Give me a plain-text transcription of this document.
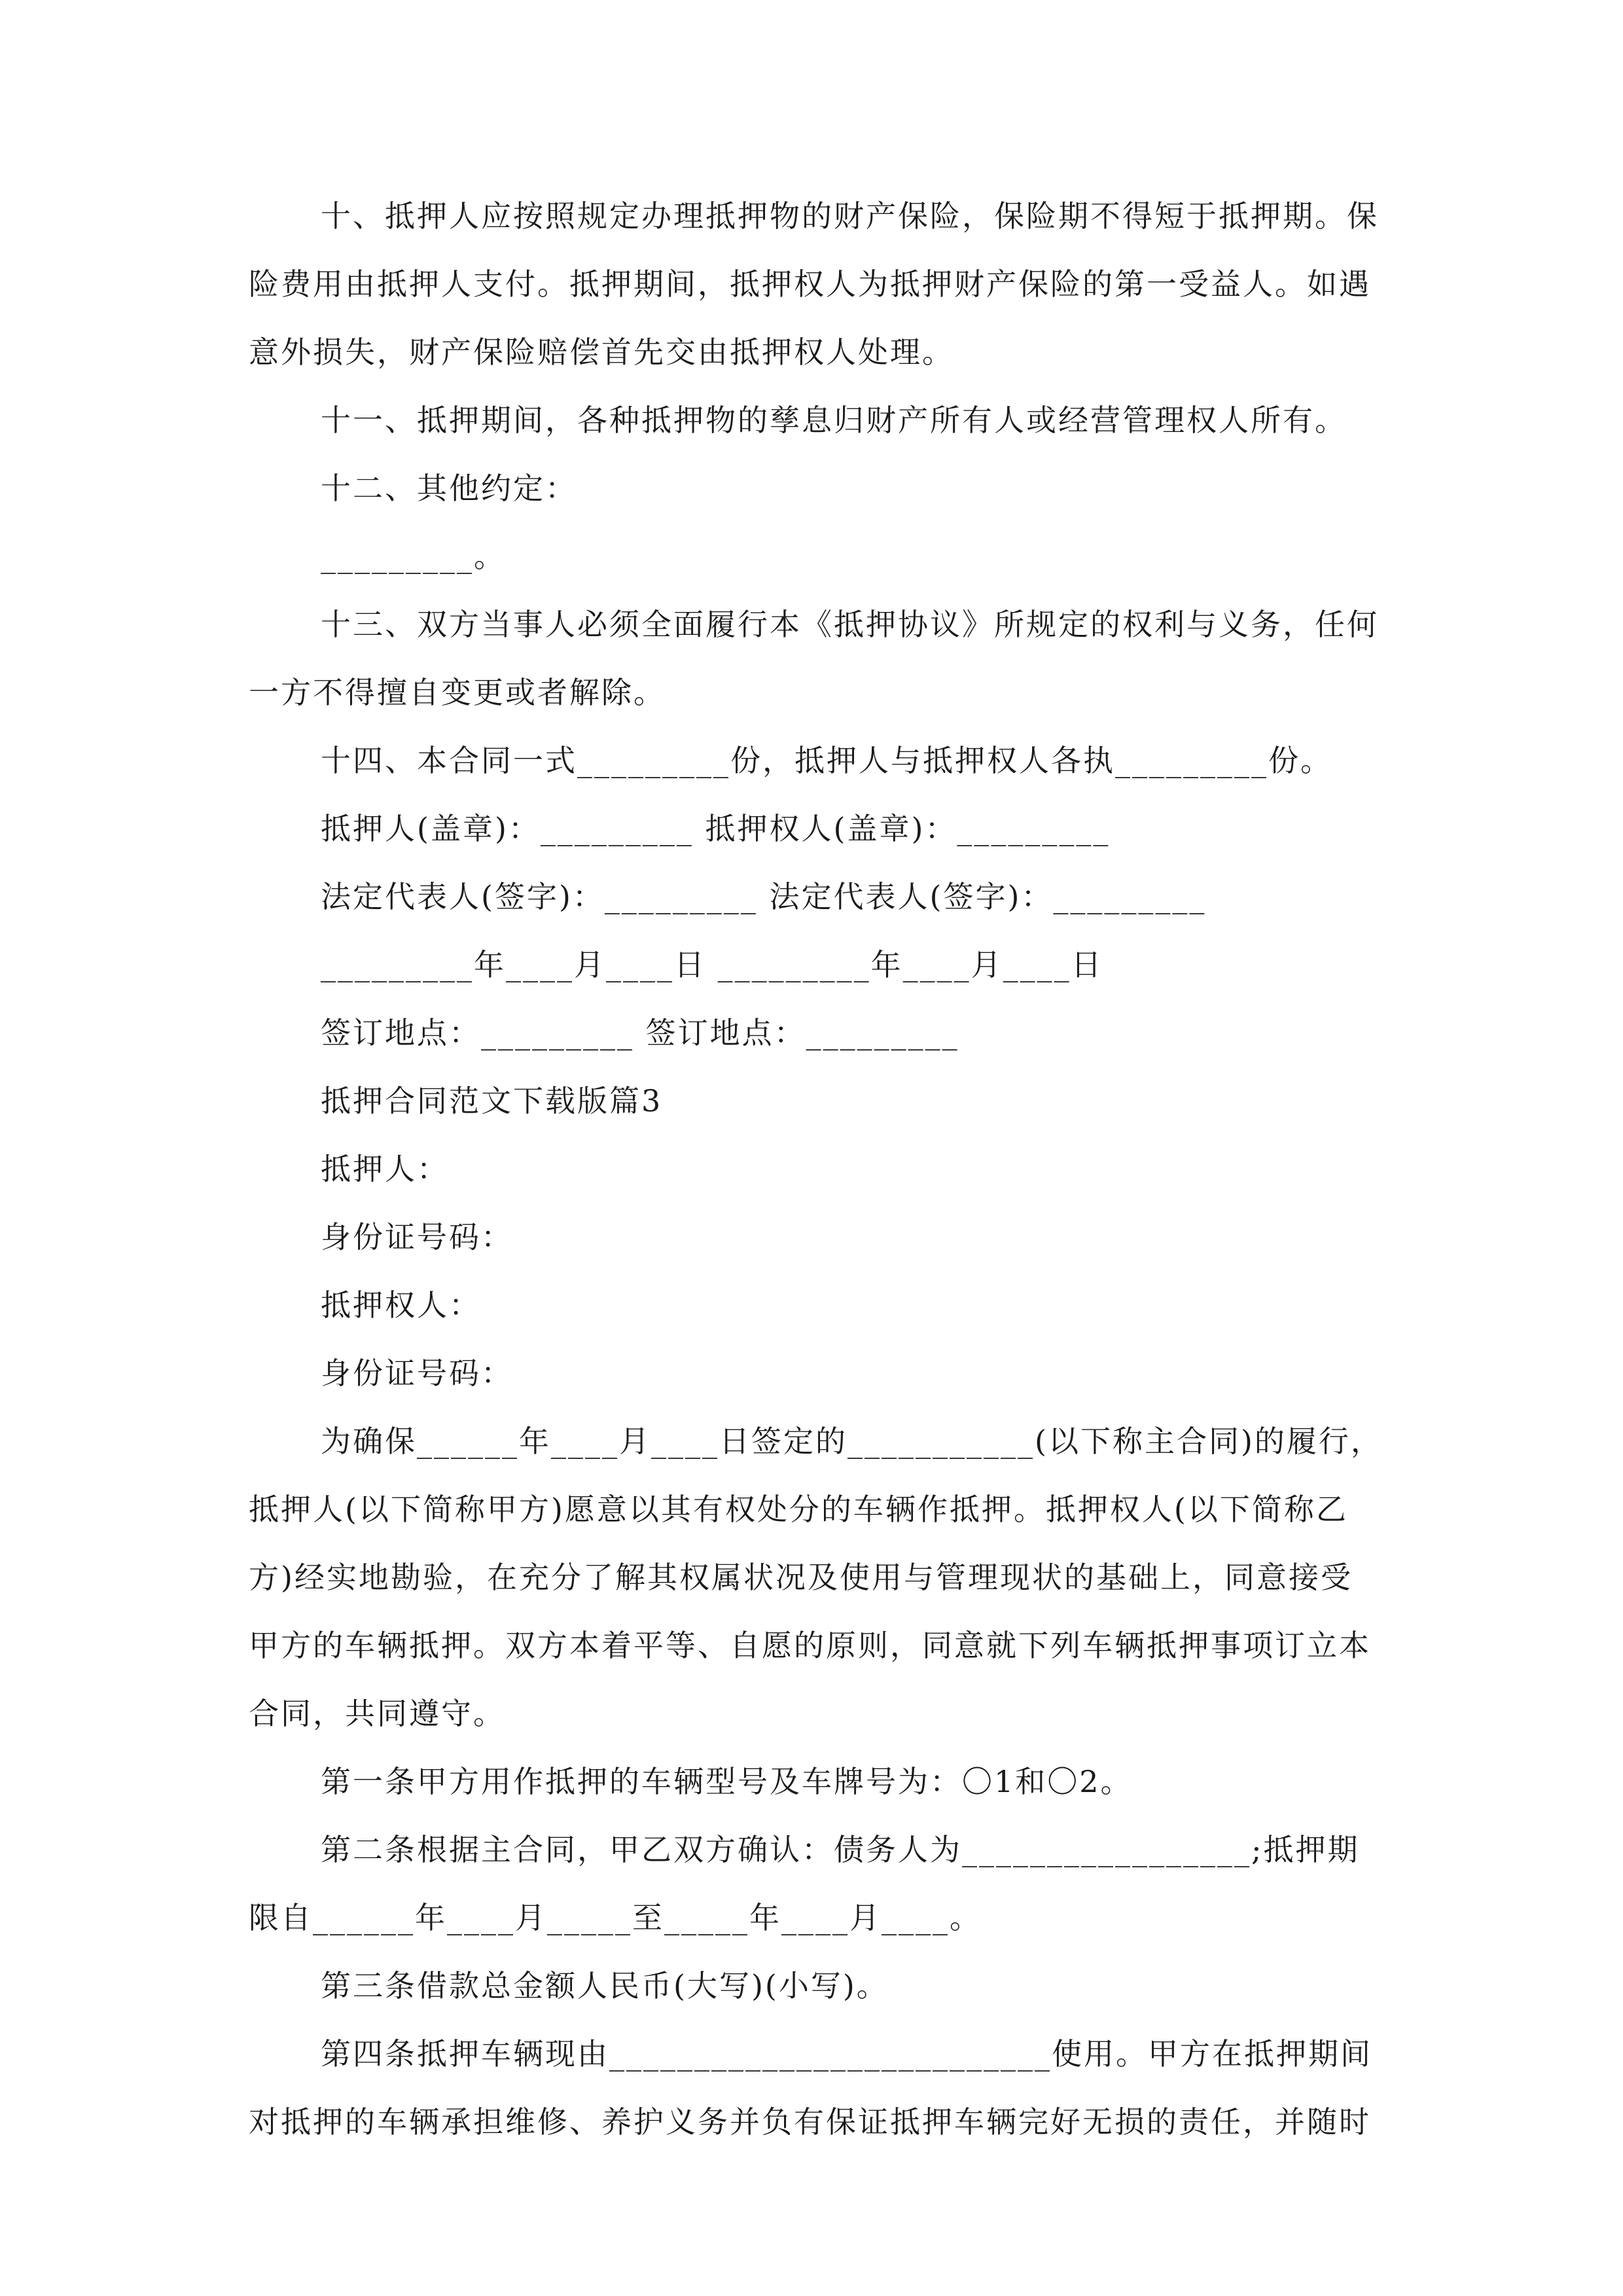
十、抵押人应按照规定办理抵押物的财产保险，保险期不得短于抵押期。保
险费用由抵押人支付。抵押期间，抵押权人为抵押财产保险的第一受益人。如遇
意外损失，财产保险赔偿首先交由抵押权人处理。
十一、抵押期间，各种抵押物的孳息归财产所有人或经营管理权人所有。
十二、其他约定：
_________。
十三、双方当事人必须全面履行本《抵押协议》所规定的权利与义务，任何
一方不得擅自变更或者解除。
十四、本合同一式_________份，抵押人与抵押权人各执_________份。
抵押人(盖章)：_________ 抵押权人(盖章)：_________
法定代表人(签字)：_________ 法定代表人(签字)：_________
_________年____月____日 _________年____月____日
签订地点：_________ 签订地点：_________
抵押合同范文下载版篇3
抵押人：
身份证号码：
抵押权人：
身份证号码：
为确保______年____月____日签定的___________(以下称主合同)的履行，
抵押人(以下简称甲方)愿意以其有权处分的车辆作抵押。抵押权人(以下简称乙
方)经实地勘验，在充分了解其权属状况及使用与管理现状的基础上，同意接受
甲方的车辆抵押。双方本着平等、自愿的原则，同意就下列车辆抵押事项订立本
合同，共同遵守。
第一条甲方用作抵押的车辆型号及车牌号为：〇1和〇2。
第二条根据主合同，甲乙双方确认：债务人为_________________;抵押期
限自______年____月_____至_____年____月____。
第三条借款总金额人民币(大写)(小写)。
第四条抵押车辆现由__________________________使用。甲方在抵押期间
对抵押的车辆承担维修、养护义务并负有保证抵押车辆完好无损的责任，并随时
